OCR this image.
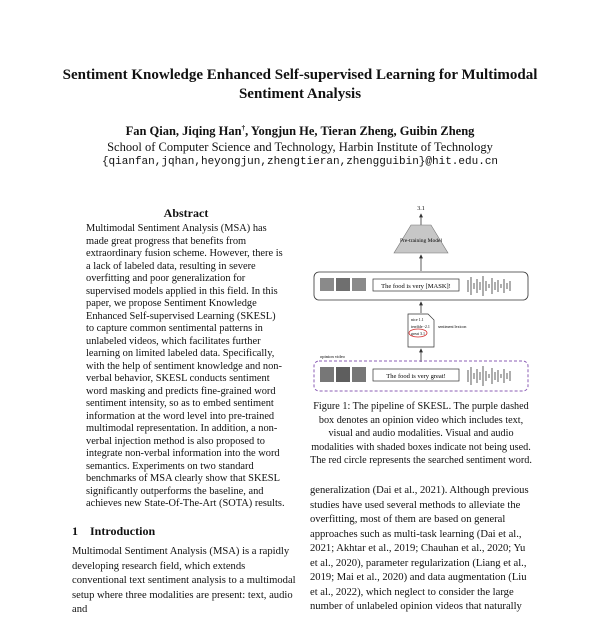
Sentiment Knowledge Enhanced Self-supervised Learning for Multimodal Sentiment Analysis
Fan Qian, Jiqing Han†, Yongjun He, Tieran Zheng, Guibin Zheng
School of Computer Science and Technology, Harbin Institute of Technology
{qianfan,jqhan,heyongjun,zhengtieran,zhengguibin}@hit.edu.cn
Abstract
Multimodal Sentiment Analysis (MSA) has made great progress that benefits from extraordinary fusion scheme. However, there is a lack of labeled data, resulting in severe overfitting and poor generalization for supervised models applied in this field. In this paper, we propose Sentiment Knowledge Enhanced Self-supervised Learning (SKESL) to capture common sentimental patterns in unlabeled videos, which facilitates further learning on limited labeled data. Specifically, with the help of sentiment knowledge and non-verbal behavior, SKESL conducts sentiment word masking and predicts fine-grained word sentiment intensity, so as to embed sentiment information at the word level into pre-trained multimodal representation. In addition, a non-verbal injection method is also proposed to integrate non-verbal information into the word semantics. Experiments on two standard benchmarks of MSA clearly show that SKESL significantly outperforms the baseline, and achieves new State-Of-The-Art (SOTA) results.
1 Introduction
Multimodal Sentiment Analysis (MSA) is a rapidly developing research field, which extends conventional text sentiment analysis to a multimodal setup where three modalities are present: text, audio and
3.1
Pre-training Model
The food is very [MASK]!
nice 1.1
terrible -2.1
great 3.1
sentiment lexicon
opinion video
The food is very great!
Figure 1: The pipeline of SKESL. The purple dashed box denotes an opinion video which includes text, visual and audio modalities. Visual and audio modalities with shaded boxes indicate not being used. The red circle represents the searched sentiment word.
generalization (Dai et al., 2021). Although previous studies have used several methods to alleviate the overfitting, most of them are based on general approaches such as multi-task learning (Dai et al., 2021; Akhtar et al., 2019; Chauhan et al., 2020; Yu et al., 2020), parameter regularization (Liang et al., 2019; Mai et al., 2020) and data augmentation (Liu et al., 2022), which neglect to consider the large number of unlabeled opinion videos that naturally
